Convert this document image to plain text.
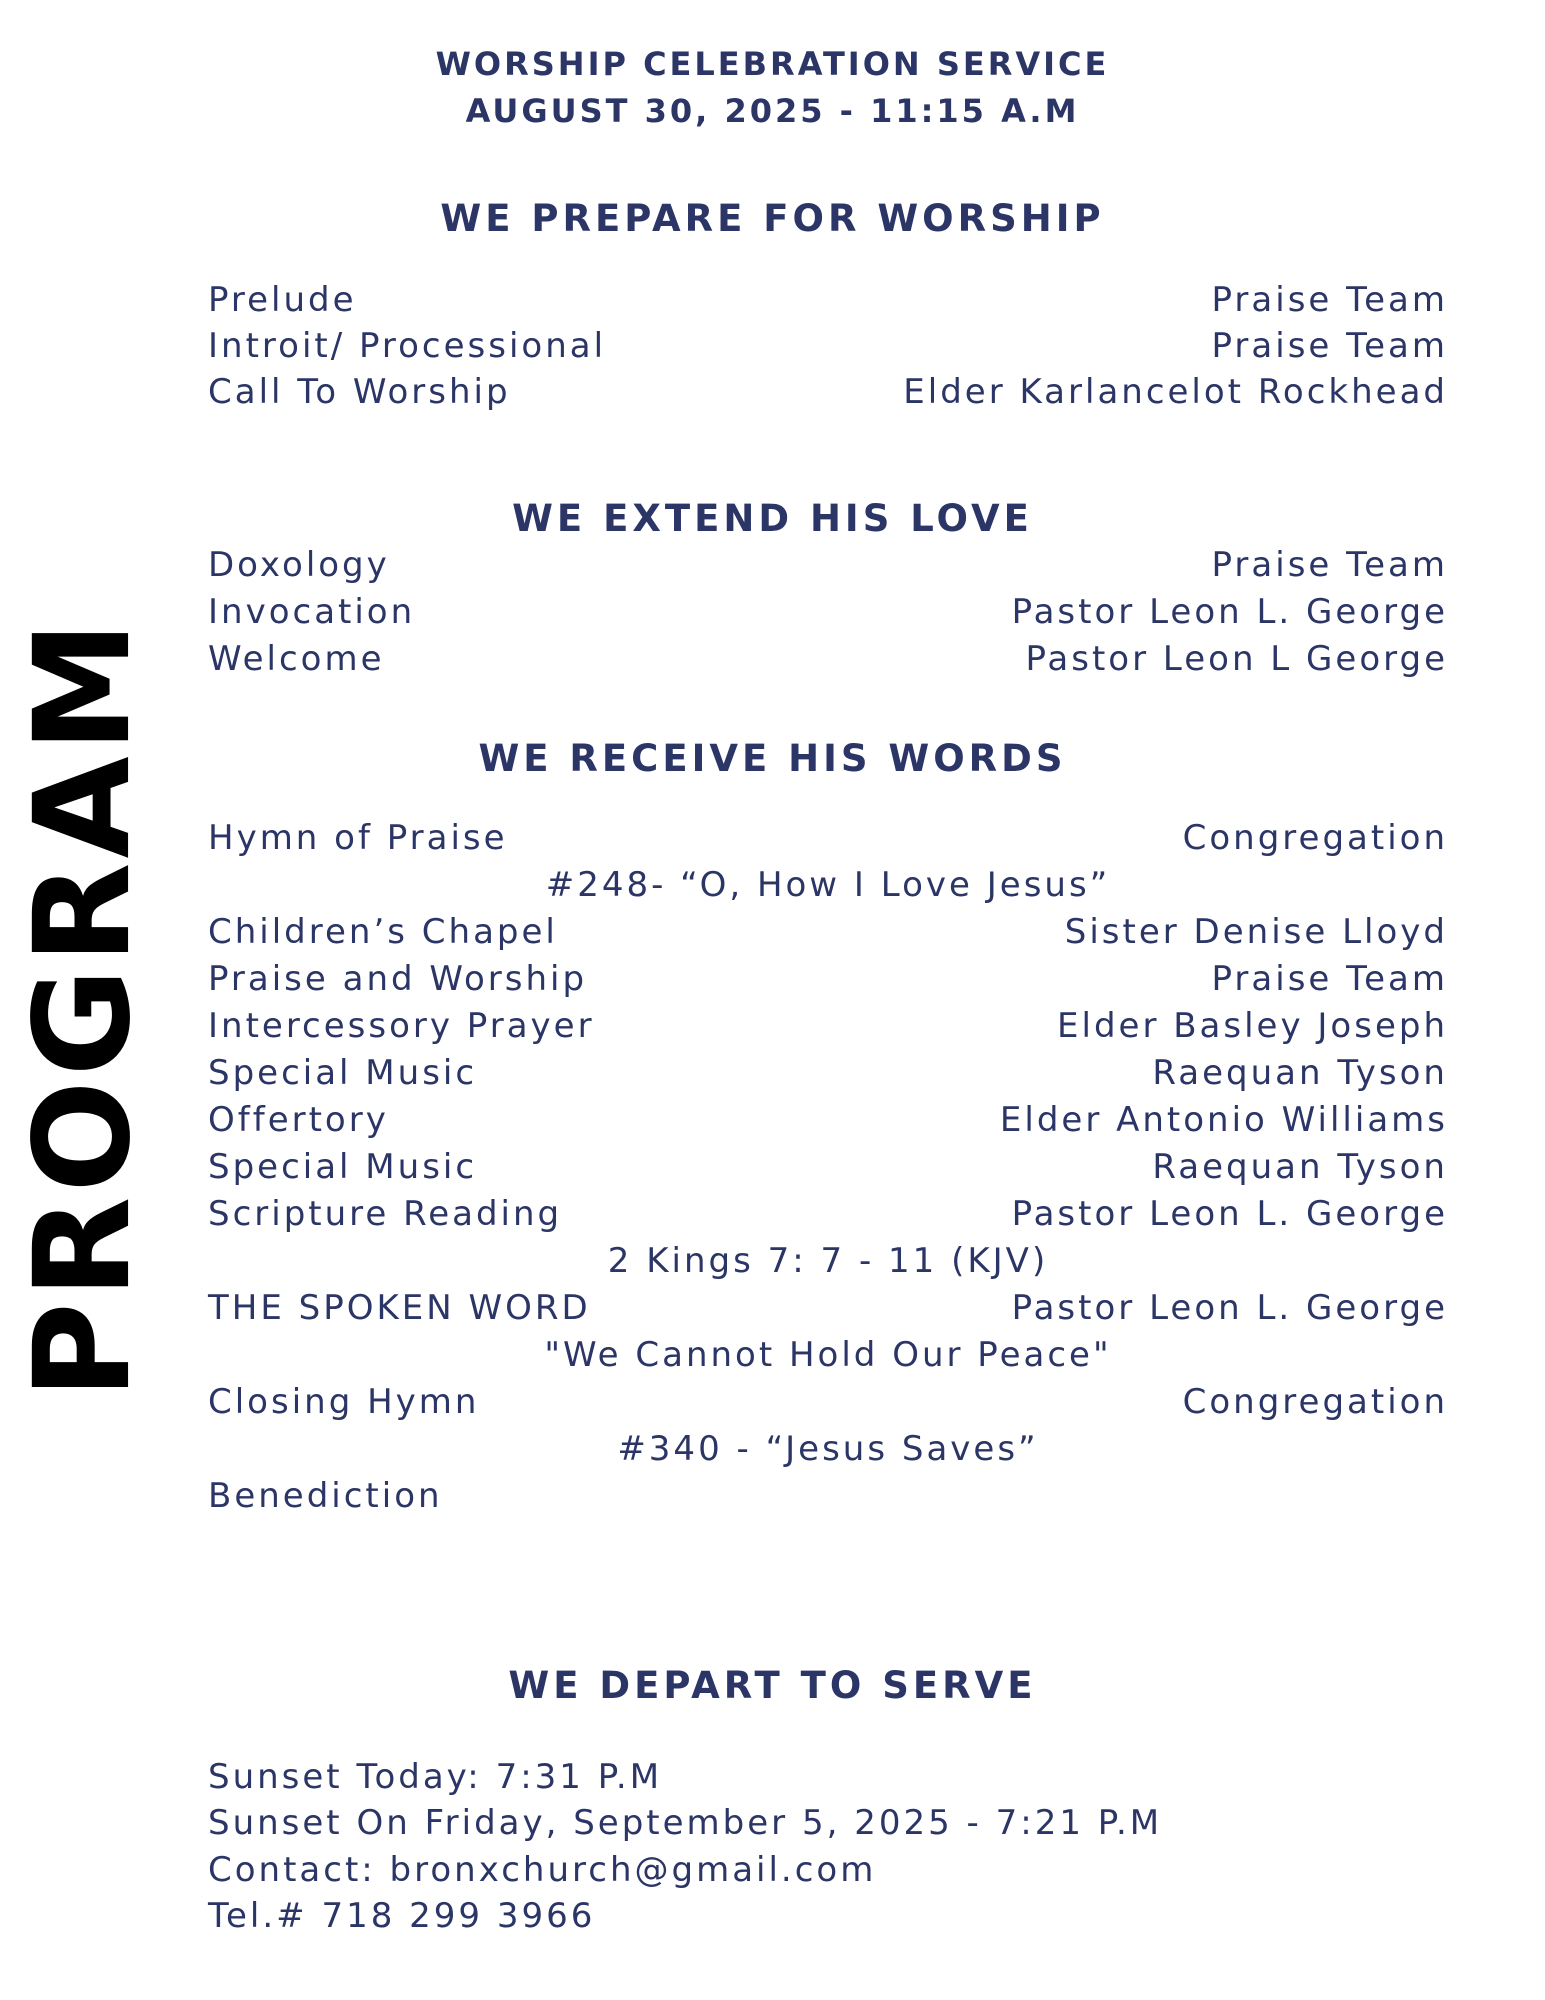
PROGRAM
WORSHIP CELEBRATION SERVICE
AUGUST 30, 2025 - 11:15 A.M
WE PREPARE FOR WORSHIP
Prelude	Praise Team
Introit/ Processional	Praise Team
Call To Worship	Elder Karlancelot Rockhead
WE EXTEND HIS LOVE
Doxology	Praise Team
Invocation	Pastor Leon L. George
Welcome	Pastor Leon L George
WE RECEIVE HIS WORDS
Hymn of Praise	Congregation
#248- “O, How I Love Jesus”
Children’s Chapel	Sister Denise Lloyd
Praise and Worship	Praise Team
Intercessory Prayer	Elder Basley Joseph
Special Music	Raequan Tyson
Offertory	Elder Antonio Williams
Special Music	Raequan Tyson
Scripture Reading	Pastor Leon L. George
2 Kings 7: 7 - 11 (KJV)
THE SPOKEN WORD	Pastor Leon L. George
"We Cannot Hold Our Peace"
Closing Hymn	Congregation
#340 - “Jesus Saves”
Benediction
WE DEPART TO SERVE
Sunset Today: 7:31 P.M
Sunset On Friday, September 5, 2025 - 7:21 P.M
Contact: bronxchurch@gmail.com
Tel.# 718 299 3966
